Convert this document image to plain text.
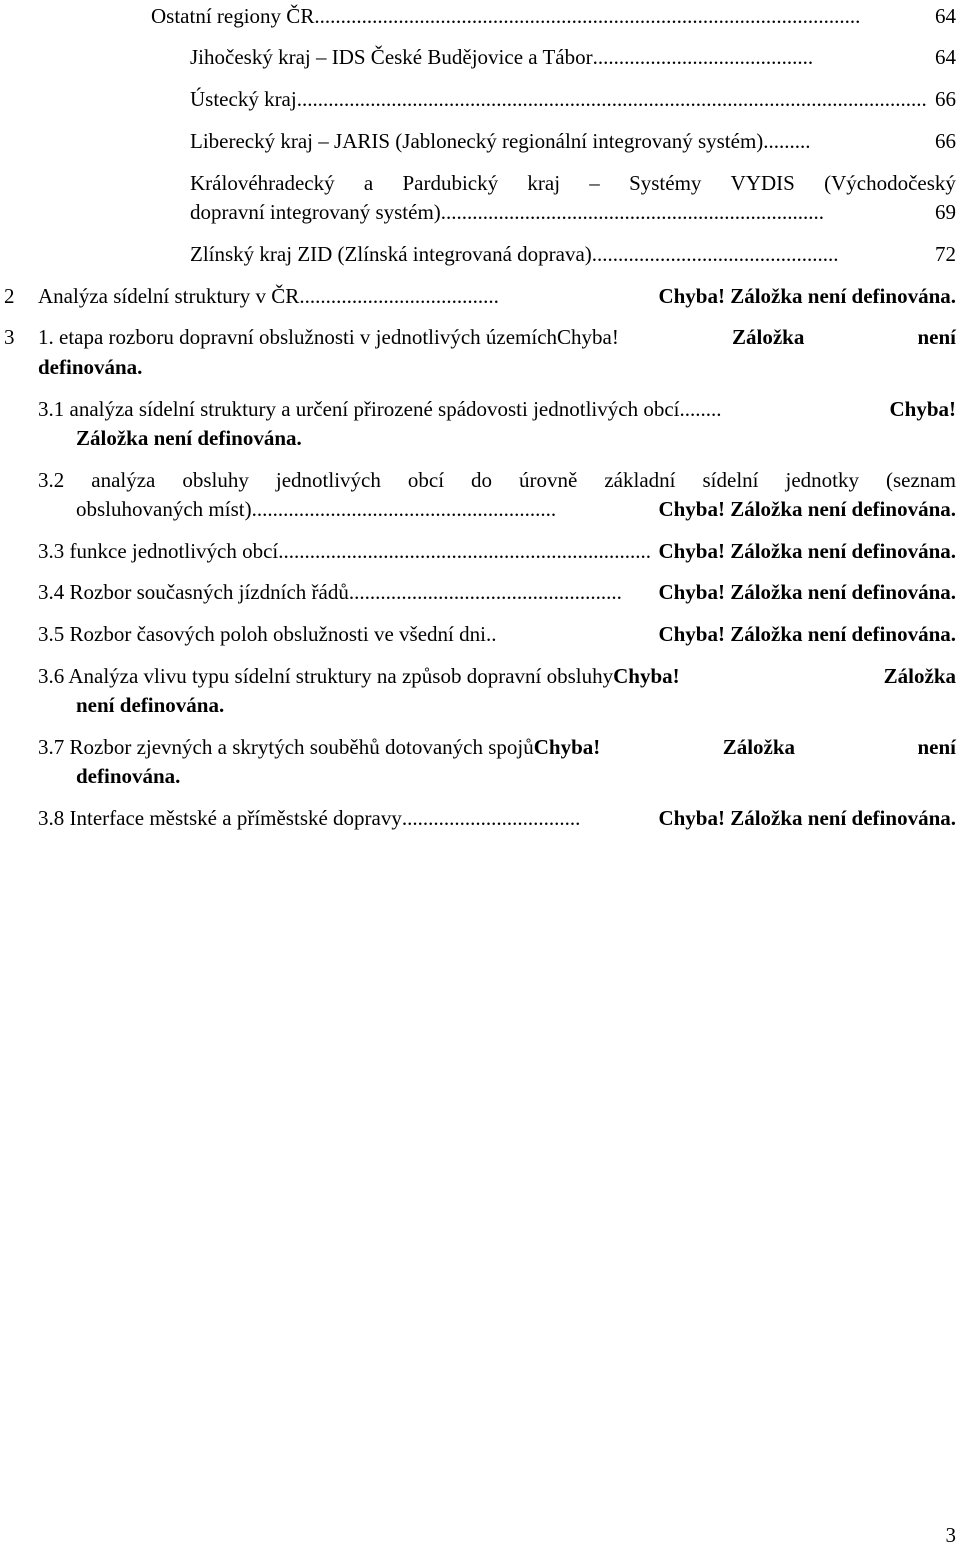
Ostatní regiony ČR ........................................................................................................	64
Jihočeský kraj – IDS České Budějovice a Tábor ..........................................	64
Ústecký kraj ........................................................................................................................ 66
Liberecký kraj – JARIS (Jablonecký regionální integrovaný systém) .........	66
Královéhradecký a Pardubický kraj – Systémy VYDIS (Východočeský
dopravní integrovaný systém) .........................................................................	69
Zlínský kraj ZID (Zlínská integrovaná doprava) ...............................................	72
2 Analýza sídelní struktury v ČR ......................................	Chyba! Záložka není definována.
3 1. etapa rozboru dopravní obslužnosti v jednotlivých územíchChyba!	Záložka	není
definována.
3.1 analýza sídelní struktury a určení přirozené spádovosti jednotlivých obcí ........	Chyba!
Záložka není definována.
3.2 analýza obsluhy jednotlivých obcí do úrovně základní sídelní jednotky (seznam
obsluhovaných míst) ..........................................................	Chyba! Záložka není definována.
3.3 funkce jednotlivých obcí ....................................................................... Chyba! Záložka není definována.
3.4 Rozbor současných jízdních řádů ....................................................	Chyba! Záložka není definována.
3.5 Rozbor časových poloh obslužnosti ve všední dni ..	Chyba! Záložka není definována.
3.6 Analýza vlivu typu sídelní struktury na způsob dopravní obsluhy Chyba!	Záložka
není definována.
3.7 Rozbor zjevných a skrytých souběhů dotovaných spojů Chyba!	Záložka	není
definována.
3.8 Interface městské a příměstské dopravy ..................................	Chyba! Záložka není definována.
3
